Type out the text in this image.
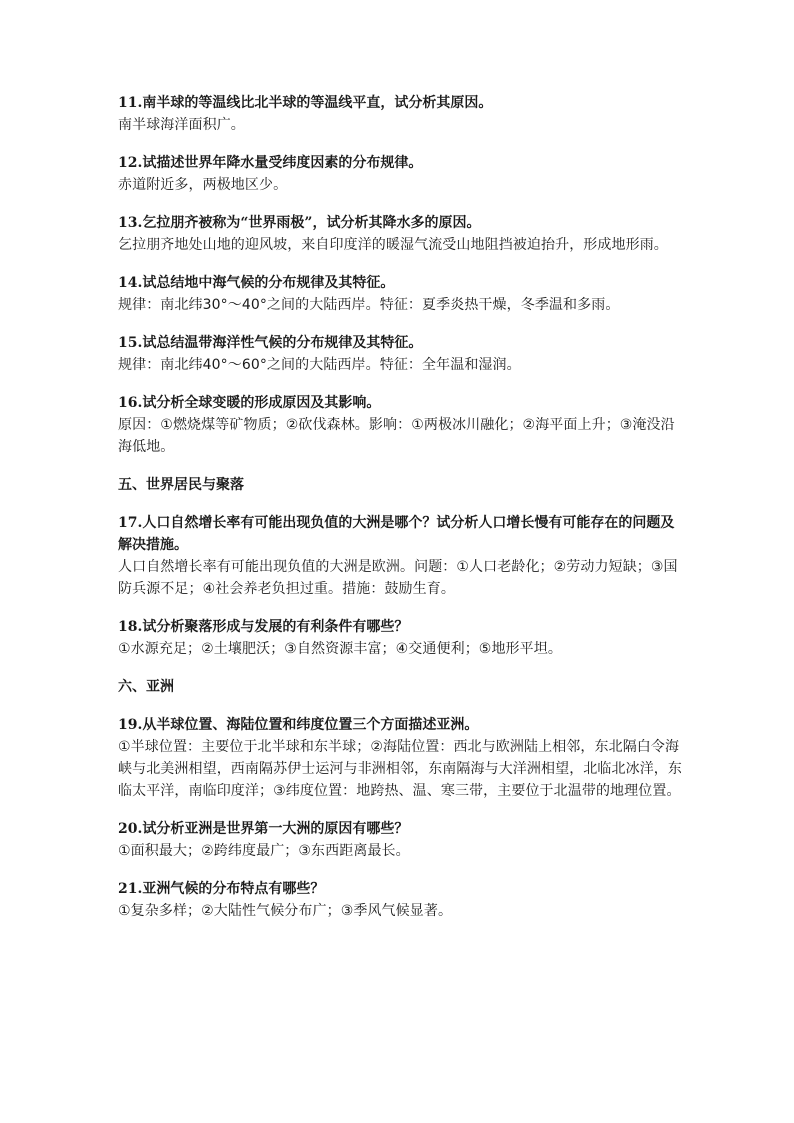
11.南半球的等温线比北半球的等温线平直，试分析其原因。

南半球海洋面积广。

12.试描述世界年降水量受纬度因素的分布规律。

赤道附近多，两极地区少。

13.乞拉朋齐被称为“世界雨极”，试分析其降水多的原因。

乞拉朋齐地处山地的迎风坡，来自印度洋的暖湿气流受山地阻挡被迫抬升，形成地形雨。

14.试总结地中海气候的分布规律及其特征。

规律：南北纬30°～40°之间的大陆西岸。特征：夏季炎热干燥，冬季温和多雨。

15.试总结温带海洋性气候的分布规律及其特征。

规律：南北纬40°～60°之间的大陆西岸。特征：全年温和湿润。

16.试分析全球变暖的形成原因及其影响。

原因：①燃烧煤等矿物质；②砍伐森林。影响：①两极冰川融化；②海平面上升；③淹没沿海低地。

五、世界居民与聚落

17.人口自然增长率有可能出现负值的大洲是哪个？试分析人口增长慢有可能存在的问题及解决措施。

人口自然增长率有可能出现负值的大洲是欧洲。问题：①人口老龄化；②劳动力短缺；③国防兵源不足；④社会养老负担过重。措施：鼓励生育。

18.试分析聚落形成与发展的有利条件有哪些？

①水源充足；②土壤肥沃；③自然资源丰富；④交通便利；⑤地形平坦。

六、亚洲

19.从半球位置、海陆位置和纬度位置三个方面描述亚洲。

①半球位置：主要位于北半球和东半球；②海陆位置：西北与欧洲陆上相邻，东北隔白令海峡与北美洲相望，西南隔苏伊士运河与非洲相邻，东南隔海与大洋洲相望，北临北冰洋，东临太平洋，南临印度洋；③纬度位置：地跨热、温、寒三带，主要位于北温带的地理位置。

20.试分析亚洲是世界第一大洲的原因有哪些？

①面积最大；②跨纬度最广；③东西距离最长。

21.亚洲气候的分布特点有哪些？

①复杂多样；②大陆性气候分布广；③季风气候显著。
